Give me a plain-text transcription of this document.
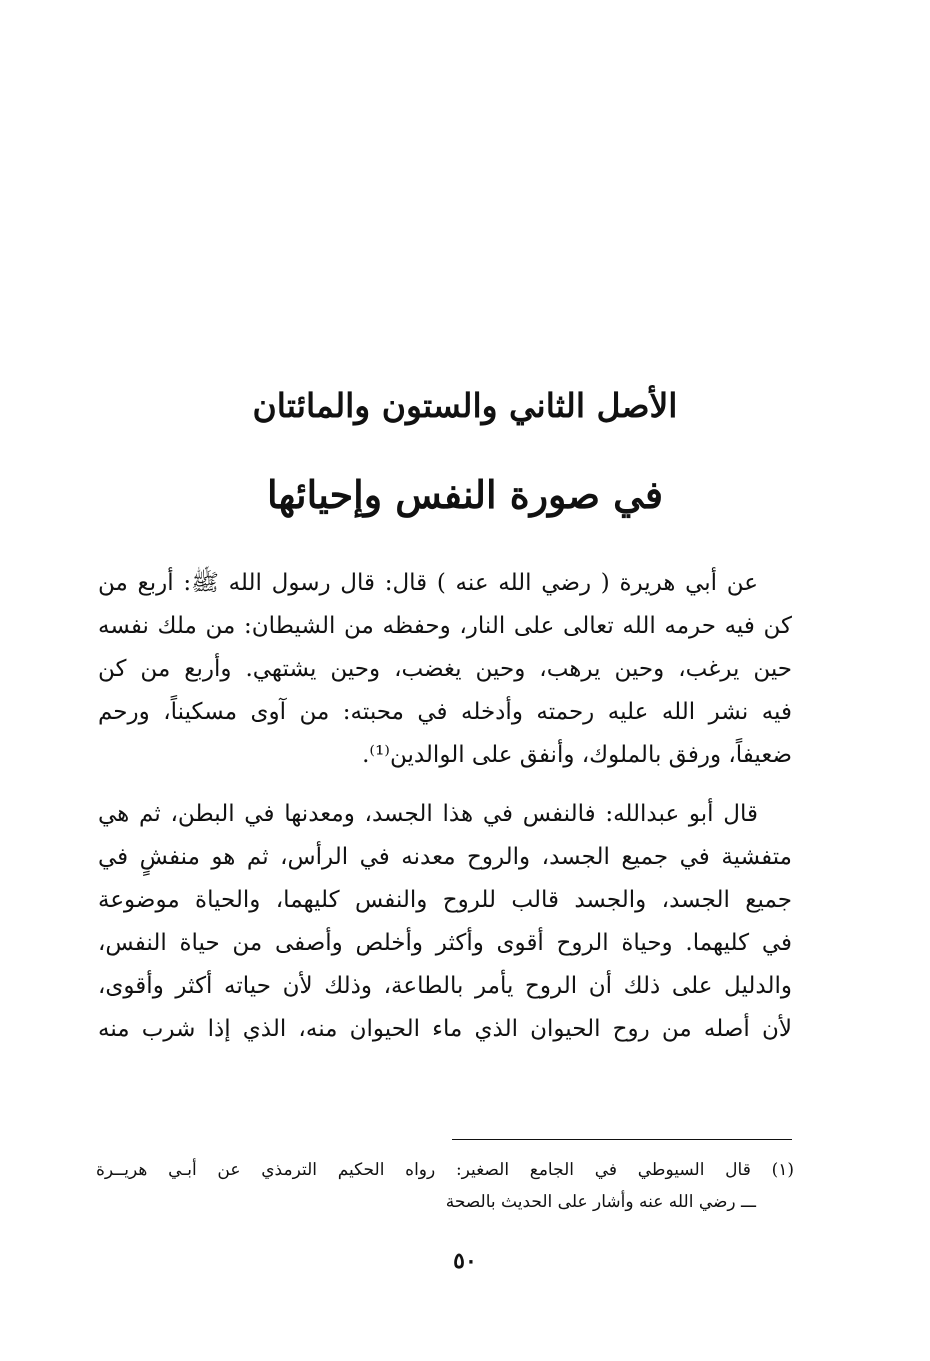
الأصل الثاني والستون والمائتان
في صورة النفس وإحيائها
عن أبي هريرة ( رضي الله عنه ) قال: قال رسول الله ﷺ: أربع من
كن فيه حرمه الله تعالى على النار، وحفظه من الشيطان: من ملك نفسه
حين يرغب، وحين يرهب، وحين يغضب، وحين يشتهي. وأربع من كن
فيه نشر الله عليه رحمته وأدخله في محبته: من آوى مسكيناً، ورحم
ضعيفاً، ورفق بالملوك، وأنفق على الوالدين⁽¹⁾.
قال أبو عبدالله: فالنفس في هذا الجسد، ومعدنها في البطن، ثم هي
متفشية في جميع الجسد، والروح معدنه في الرأس، ثم هو منفشٍ في
جميع الجسد، والجسد قالب للروح والنفس كليهما، والحياة موضوعة
في كليهما. وحياة الروح أقوى وأكثر وأخلص وأصفى من حياة النفس،
والدليل على ذلك أن الروح يأمر بالطاعة، وذلك لأن حياته أكثر وأقوى،
لأن أصله من روح الحيوان الذي ماء الحيوان منه، الذي إذا شرب منه
(١) قال السيوطي في الجامع الصغير: رواه الحكيم الترمذي عن أبـي هريــرة
ـــ رضي الله عنه وأشار على الحديث بالصحة
٥٠
